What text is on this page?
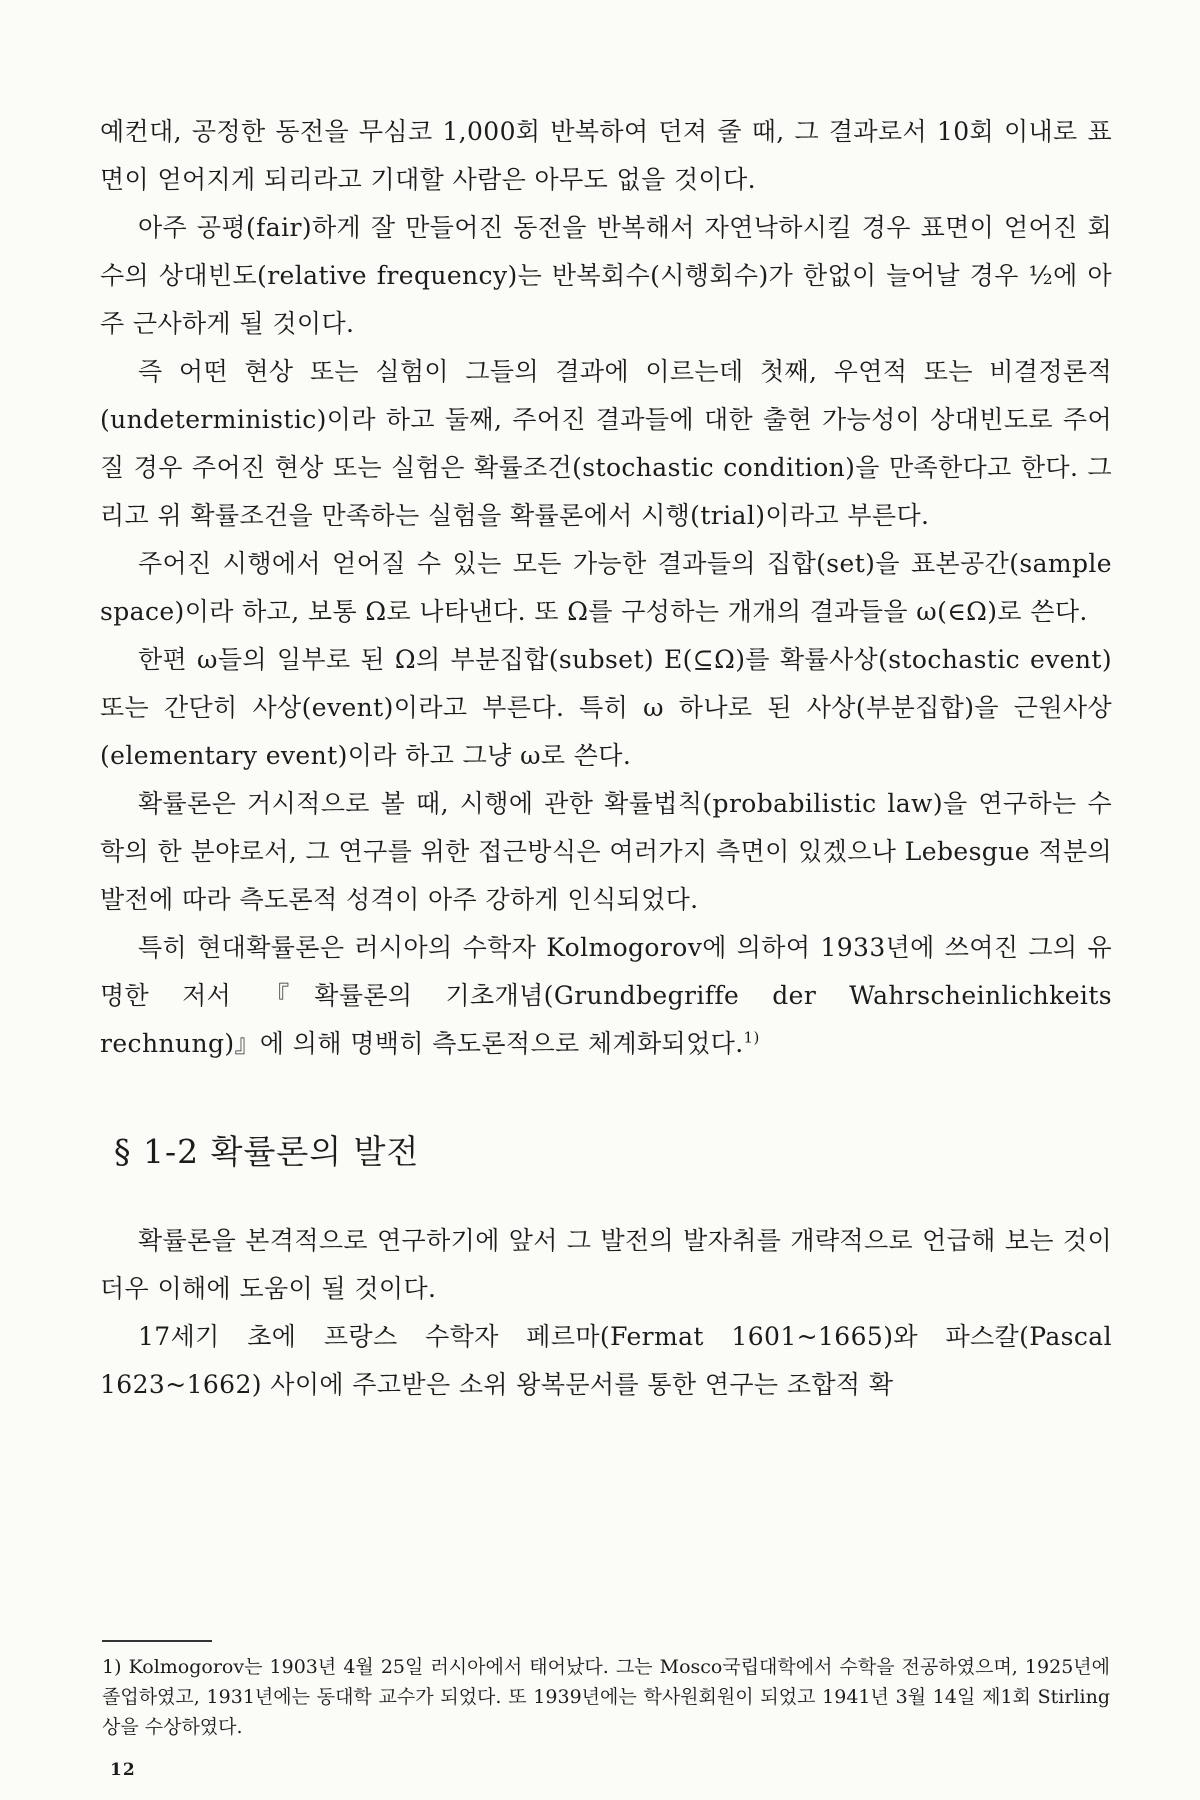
예컨대, 공정한 동전을 무심코 1,000회 반복하여 던져 줄 때, 그 결과로서 10회 이내로 표면이 얻어지게 되리라고 기대할 사람은 아무도 없을 것이다.

아주 공평(fair)하게 잘 만들어진 동전을 반복해서 자연낙하시킬 경우 표면이 얻어진 회수의 상대빈도(relative frequency)는 반복회수(시행회수)가 한없이 늘어날 경우 ½에 아주 근사하게 될 것이다.

즉 어떤 현상 또는 실험이 그들의 결과에 이르는데 첫째, 우연적 또는 비결정론적(undeterministic)이라 하고 둘째, 주어진 결과들에 대한 출현 가능성이 상대빈도로 주어질 경우 주어진 현상 또는 실험은 확률조건(stochastic condition)을 만족한다고 한다. 그리고 위 확률조건을 만족하는 실험을 확률론에서 시행(trial)이라고 부른다.

주어진 시행에서 얻어질 수 있는 모든 가능한 결과들의 집합(set)을 표본공간(sample space)이라 하고, 보통 Ω로 나타낸다. 또 Ω를 구성하는 개개의 결과들을 ω(∈Ω)로 쓴다.

한편 ω들의 일부로 된 Ω의 부분집합(subset) E(⊆Ω)를 확률사상(stochastic event) 또는 간단히 사상(event)이라고 부른다. 특히 ω 하나로 된 사상(부분집합)을 근원사상(elementary event)이라 하고 그냥 ω로 쓴다.

확률론은 거시적으로 볼 때, 시행에 관한 확률법칙(probabilistic law)을 연구하는 수학의 한 분야로서, 그 연구를 위한 접근방식은 여러가지 측면이 있겠으나 Lebesgue 적분의 발전에 따라 측도론적 성격이 아주 강하게 인식되었다.

특히 현대확률론은 러시아의 수학자 Kolmogorov에 의하여 1933년에 쓰여진 그의 유명한 저서 『확률론의 기초개념(Grundbegriffe der Wahrscheinlichkeits rechnung)』에 의해 명백히 측도론적으로 체계화되었다.$^{1)}$

§ 1-2 확률론의 발전

확률론을 본격적으로 연구하기에 앞서 그 발전의 발자취를 개략적으로 언급해 보는 것이 더우 이해에 도움이 될 것이다.

17세기 초에 프랑스 수학자 페르마(Fermat 1601~1665)와 파스칼(Pascal 1623~1662) 사이에 주고받은 소위 왕복문서를 통한 연구는 조합적 확

1) Kolmogorov는 1903년 4월 25일 러시아에서 태어났다. 그는 Mosco국립대학에서 수학을 전공하였으며, 1925년에 졸업하였고, 1931년에는 동대학 교수가 되었다. 또 1939년에는 학사원회원이 되었고 1941년 3월 14일 제1회 Stirling상을 수상하였다.

12
